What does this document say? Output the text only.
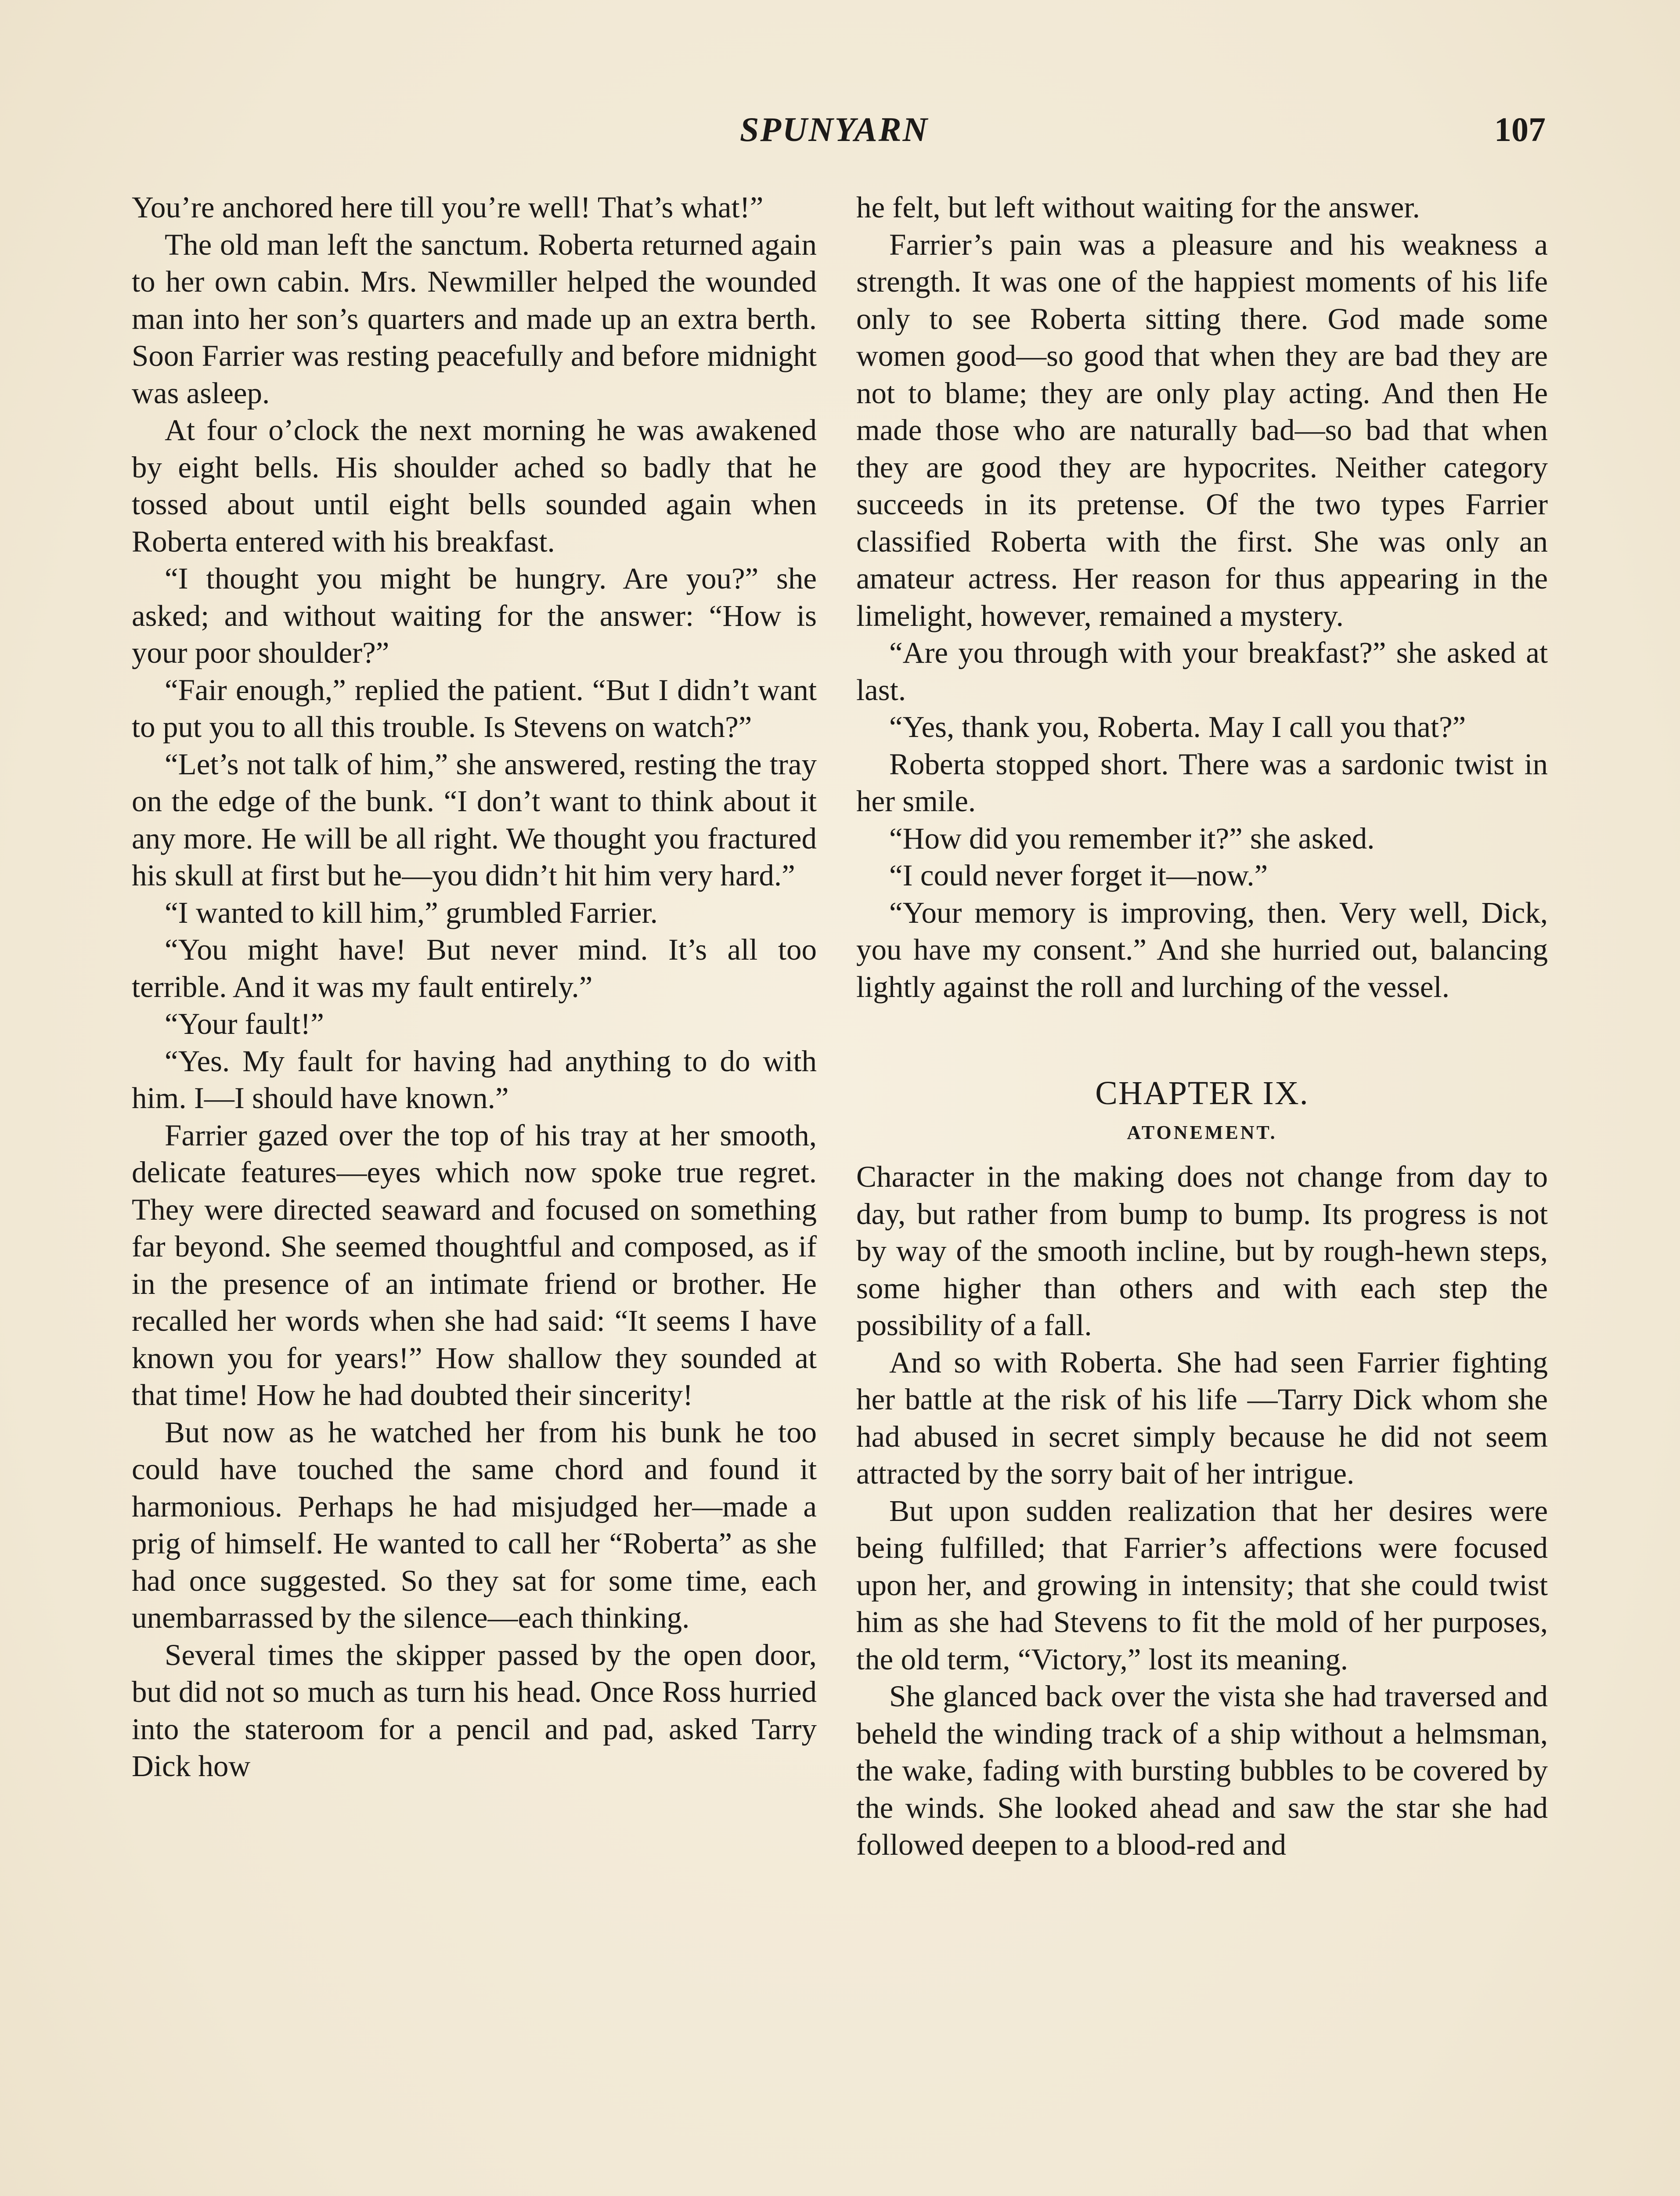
SPUNYARN	107

You’re anchored here till you’re well! That’s what!”

The old man left the sanctum. Roberta returned again to her own cabin. Mrs. Newmiller helped the wounded man into her son’s quarters and made up an extra berth. Soon Farrier was resting peacefully and before midnight was asleep.

At four o’clock the next morning he was awakened by eight bells. His shoulder ached so badly that he tossed about until eight bells sounded again when Roberta entered with his breakfast.

“I thought you might be hungry. Are you?” she asked; and without waiting for the answer: “How is your poor shoulder?”

“Fair enough,” replied the patient. “But I didn’t want to put you to all this trouble. Is Stevens on watch?”

“Let’s not talk of him,” she answered, resting the tray on the edge of the bunk. “I don’t want to think about it any more. He will be all right. We thought you fractured his skull at first but he—you didn’t hit him very hard.”

“I wanted to kill him,” grumbled Farrier.

“You might have! But never mind. It’s all too terrible. And it was my fault entirely.”

“Your fault!”

“Yes. My fault for having had anything to do with him. I—I should have known.”

Farrier gazed over the top of his tray at her smooth, delicate features—eyes which now spoke true regret. They were directed seaward and focused on something far beyond. She seemed thoughtful and composed, as if in the presence of an intimate friend or brother. He recalled her words when she had said: “It seems I have known you for years!” How shallow they sounded at that time! How he had doubted their sincerity!

But now as he watched her from his bunk he too could have touched the same chord and found it harmonious. Perhaps he had misjudged her—made a prig of himself. He wanted to call her “Roberta” as she had once suggested. So they sat for some time, each unembarrassed by the silence—each thinking.

Several times the skipper passed by the open door, but did not so much as turn his head. Once Ross hurried into the stateroom for a pencil and pad, asked Tarry Dick how

he felt, but left without waiting for the answer.

Farrier’s pain was a pleasure and his weakness a strength. It was one of the happiest moments of his life only to see Roberta sitting there. God made some women good—so good that when they are bad they are not to blame; they are only play acting. And then He made those who are naturally bad—so bad that when they are good they are hypocrites. Neither category succeeds in its pretense. Of the two types Farrier classified Roberta with the first. She was only an amateur actress. Her reason for thus appearing in the limelight, however, remained a mystery.

“Are you through with your breakfast?” she asked at last.

“Yes, thank you, Roberta. May I call you that?”

Roberta stopped short. There was a sardonic twist in her smile.

“How did you remember it?” she asked.

“I could never forget it—now.”

“Your memory is improving, then. Very well, Dick, you have my consent.” And she hurried out, balancing lightly against the roll and lurching of the vessel.

CHAPTER IX.
ATONEMENT.

Character in the making does not change from day to day, but rather from bump to bump. Its progress is not by way of the smooth incline, but by rough-hewn steps, some higher than others and with each step the possibility of a fall.

And so with Roberta. She had seen Farrier fighting her battle at the risk of his life —Tarry Dick whom she had abused in secret simply because he did not seem attracted by the sorry bait of her intrigue.

But upon sudden realization that her desires were being fulfilled; that Farrier’s affections were focused upon her, and growing in intensity; that she could twist him as she had Stevens to fit the mold of her purposes, the old term, “Victory,” lost its meaning.

She glanced back over the vista she had traversed and beheld the winding track of a ship without a helmsman, the wake, fading with bursting bubbles to be covered by the winds. She looked ahead and saw the star she had followed deepen to a blood-red and
